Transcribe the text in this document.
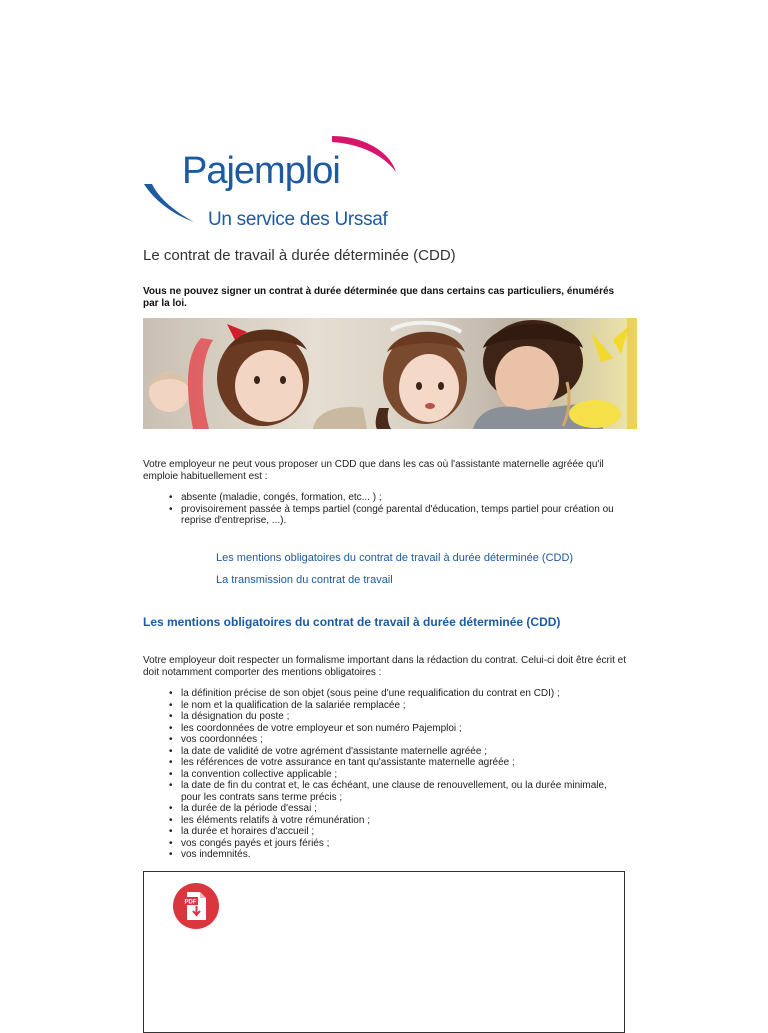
Pajemploi
Un service des Urssaf
Le contrat de travail à durée déterminée (CDD)

Vous ne pouvez signer un contrat à durée déterminée que dans certains cas particuliers, énumérés par la loi.

Votre employeur ne peut vous proposer un CDD que dans les cas où l'assistante maternelle agréée qu'il emploie habituellement est :

• absente (maladie, congés, formation, etc... ) ;
• provisoirement passée à temps partiel (congé parental d'éducation, temps partiel pour création ou reprise d'entreprise, ...).
Les mentions obligatoires du contrat de travail à durée déterminée (CDD)
La transmission du contrat de travail
Les mentions obligatoires du contrat de travail à durée déterminée (CDD)

Votre employeur doit respecter un formalisme important dans la rédaction du contrat. Celui-ci doit être écrit et doit notamment comporter des mentions obligatoires :

• la définition précise de son objet (sous peine d'une requalification du contrat en CDI) ;
• le nom et la qualification de la salariée remplacée ;
• la désignation du poste ;
• les coordonnées de votre employeur et son numéro Pajemploi ;
• vos coordonnées ;
• la date de validité de votre agrément d'assistante maternelle agréée ;
• les références de votre assurance en tant qu'assistante maternelle agréée ;
• la convention collective applicable ;
• la date de fin du contrat et, le cas échéant, une clause de renouvellement, ou la durée minimale, pour les contrats sans terme précis ;
• la durée de la période d'essai ;
• les éléments relatifs à votre rémunération ;
• la durée et horaires d'accueil ;
• vos congés payés et jours fériés ;
• vos indemnités.
PDF
